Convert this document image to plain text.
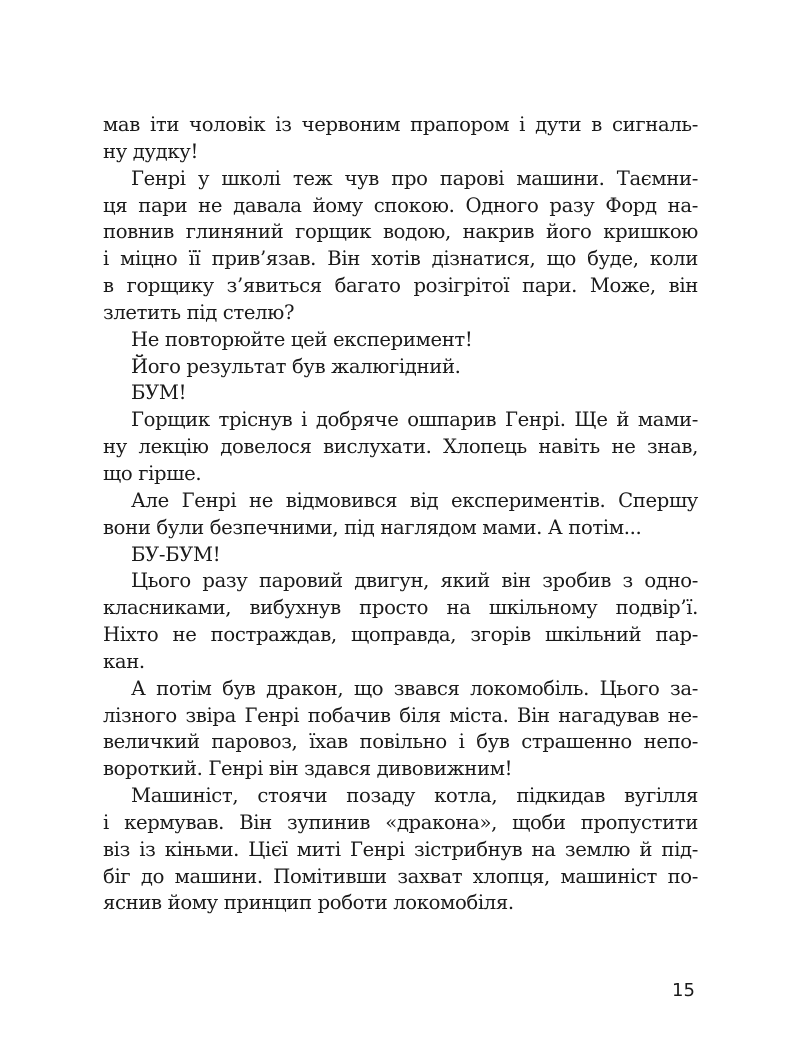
мав іти чоловік із червоним прапором і дути в сигналь-
ну дудку!
Генрі у школі теж чув про парові машини. Таємни-
ця пари не давала йому спокою. Одного разу Форд на-
повнив глиняний горщик водою, накрив його кришкою
і міцно її прив’язав. Він хотів дізнатися, що буде, коли
в горщику з’явиться багато розігрітої пари. Може, він
злетить під стелю?
Не повторюйте цей експеримент!
Його результат був жалюгідний.
БУМ!
Горщик тріснув і добряче ошпарив Генрі. Ще й мами-
ну лекцію довелося вислухати. Хлопець навіть не знав,
що гірше.
Але Генрі не відмовився від експериментів. Спершу
вони були безпечними, під наглядом мами. А потім...
БУ-БУМ!
Цього разу паровий двигун, який він зробив з одно-
класниками, вибухнув просто на шкільному подвір’ї.
Ніхто не постраждав, щоправда, згорів шкільний пар-
кан.
А потім був дракон, що звався локомобіль. Цього за-
лізного звіра Генрі побачив біля міста. Він нагадував не-
величкий паровоз, їхав повільно і був страшенно непо-
вороткий. Генрі він здався дивовижним!
Машиніст, стоячи позаду котла, підкидав вугілля
і кермував. Він зупинив «дракона», щоби пропустити
віз із кіньми. Цієї миті Генрі зістрибнув на землю й під-
біг до машини. Помітивши захват хлопця, машиніст по-
яснив йому принцип роботи локомобіля.
15
